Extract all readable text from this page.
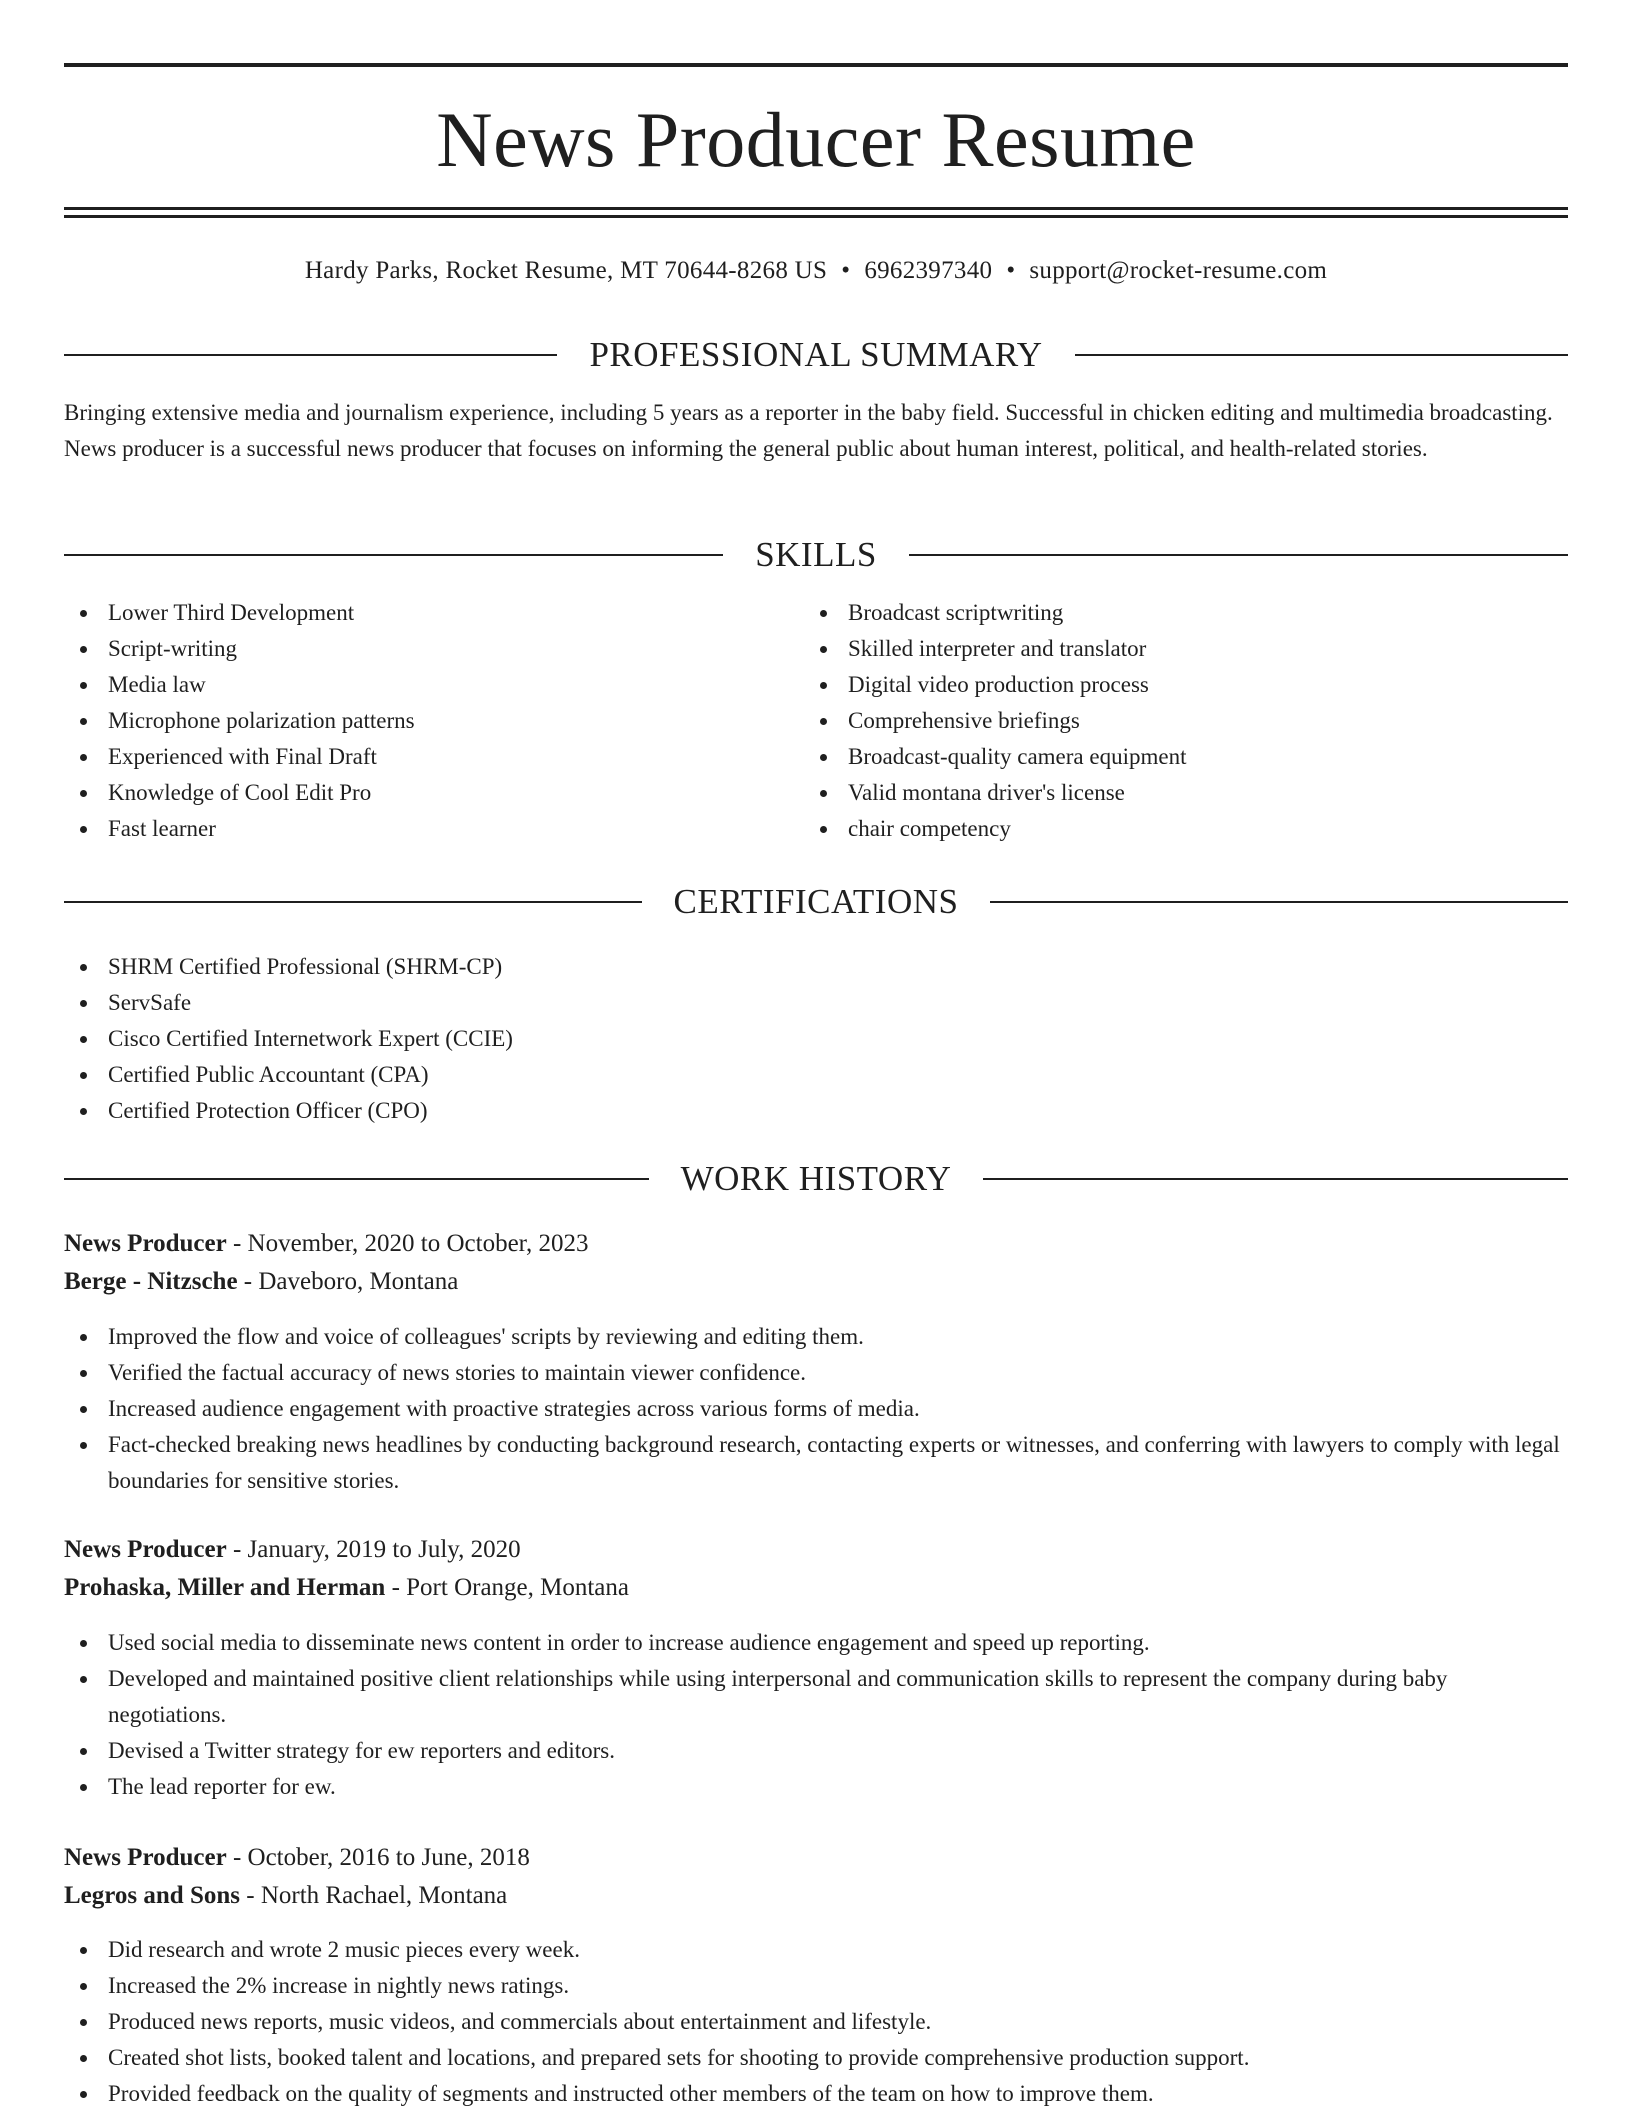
News Producer Resume
Hardy Parks, Rocket Resume, MT 70644-8268 US • 6962397340 • support@rocket-resume.com
PROFESSIONAL SUMMARY

Bringing extensive media and journalism experience, including 5 years as a reporter in the baby field. Successful in chicken editing and multimedia broadcasting. News producer is a successful news producer that focuses on informing the general public about human interest, political, and health-related stories.

SKILLS
Lower Third Development
Script-writing
Media law
Microphone polarization patterns
Experienced with Final Draft
Knowledge of Cool Edit Pro
Fast learner
Broadcast scriptwriting
Skilled interpreter and translator
Digital video production process
Comprehensive briefings
Broadcast-quality camera equipment
Valid montana driver's license
chair competency
CERTIFICATIONS
SHRM Certified Professional (SHRM-CP)
ServSafe
Cisco Certified Internetwork Expert (CCIE)
Certified Public Accountant (CPA)
Certified Protection Officer (CPO)
WORK HISTORY
News Producer - November, 2020 to October, 2023
Berge - Nitzsche - Daveboro, Montana
Improved the flow and voice of colleagues' scripts by reviewing and editing them.
Verified the factual accuracy of news stories to maintain viewer confidence.
Increased audience engagement with proactive strategies across various forms of media.
Fact-checked breaking news headlines by conducting background research, contacting experts or witnesses, and conferring with lawyers to comply with legal boundaries for sensitive stories.
News Producer - January, 2019 to July, 2020
Prohaska, Miller and Herman - Port Orange, Montana
Used social media to disseminate news content in order to increase audience engagement and speed up reporting.
Developed and maintained positive client relationships while using interpersonal and communication skills to represent the company during baby negotiations.
Devised a Twitter strategy for ew reporters and editors.
The lead reporter for ew.
News Producer - October, 2016 to June, 2018
Legros and Sons - North Rachael, Montana
Did research and wrote 2 music pieces every week.
Increased the 2% increase in nightly news ratings.
Produced news reports, music videos, and commercials about entertainment and lifestyle.
Created shot lists, booked talent and locations, and prepared sets for shooting to provide comprehensive production support.
Provided feedback on the quality of segments and instructed other members of the team on how to improve them.
